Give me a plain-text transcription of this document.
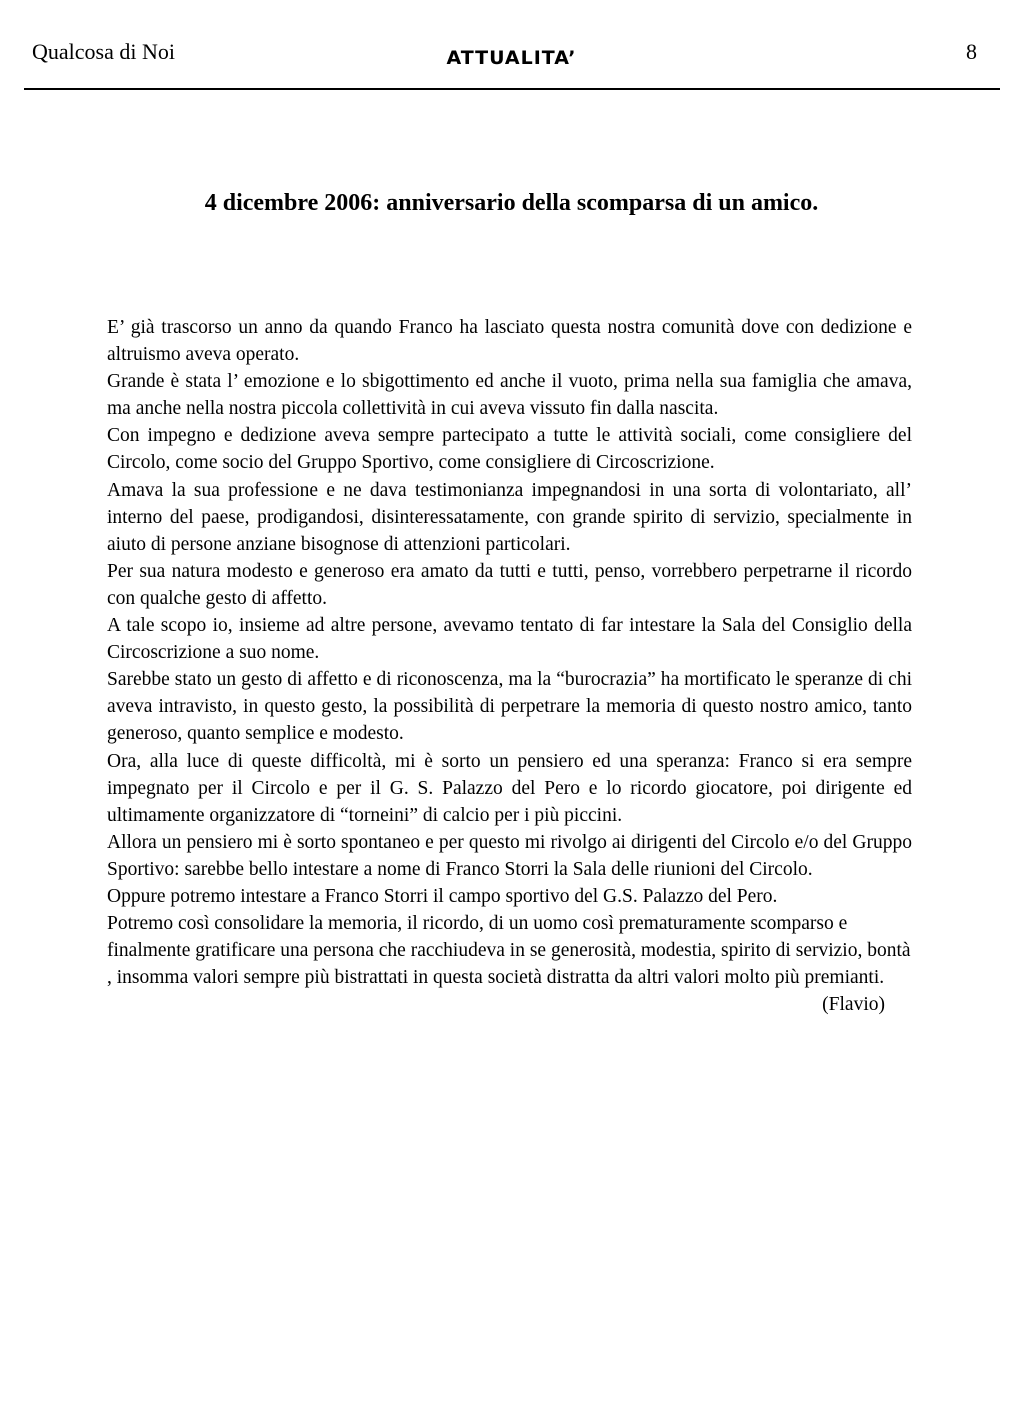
Qualcosa di Noi	ATTUALITA’	8
4 dicembre 2006: anniversario della scomparsa di un amico.

E’ già trascorso un anno da quando Franco ha lasciato questa nostra comunità dove con dedizione e altruismo aveva operato.

Grande è stata l’ emozione e lo sbigottimento ed anche il vuoto, prima nella sua famiglia che amava, ma anche nella nostra piccola collettività in cui aveva vissuto fin dalla nascita.

Con impegno e dedizione aveva sempre partecipato a tutte le attività sociali, come consigliere del Circolo, come socio del Gruppo Sportivo, come consigliere di Circoscrizione.

Amava la sua professione e ne dava testimonianza impegnandosi in una sorta di volontariato, all’ interno del paese, prodigandosi, disinteressatamente, con grande spirito di servizio, specialmente in aiuto di persone anziane bisognose di attenzioni particolari.

Per sua natura modesto e generoso era amato da tutti e tutti, penso, vorrebbero perpetrarne il ricordo con qualche gesto di affetto.

A tale scopo io, insieme ad altre persone, avevamo tentato di far intestare la Sala del Consiglio della Circoscrizione a suo nome.

Sarebbe stato un gesto di affetto e di riconoscenza, ma la “burocrazia” ha mortificato le speranze di chi aveva intravisto, in questo gesto, la possibilità di perpetrare la memoria di questo nostro amico, tanto generoso, quanto semplice e modesto.

Ora, alla luce di queste difficoltà, mi è sorto un pensiero ed una speranza: Franco si era sempre impegnato per il Circolo e per il G. S. Palazzo del Pero e lo ricordo giocatore, poi dirigente ed ultimamente organizzatore di “torneini” di calcio per i più piccini.

Allora un pensiero mi è sorto spontaneo e per questo mi rivolgo ai dirigenti del Circolo e/o del Gruppo Sportivo: sarebbe bello intestare a nome di Franco Storri la Sala delle riunioni del Circolo.

Oppure potremo intestare a Franco Storri il campo sportivo del G.S. Palazzo del Pero.

Potremo così consolidare la memoria, il ricordo, di un uomo così prematuramente scomparso e finalmente gratificare una persona che racchiudeva in se generosità, modestia, spirito di servizio, bontà , insomma valori sempre più bistrattati in questa società distratta da altri valori molto più premianti.
(Flavio)
